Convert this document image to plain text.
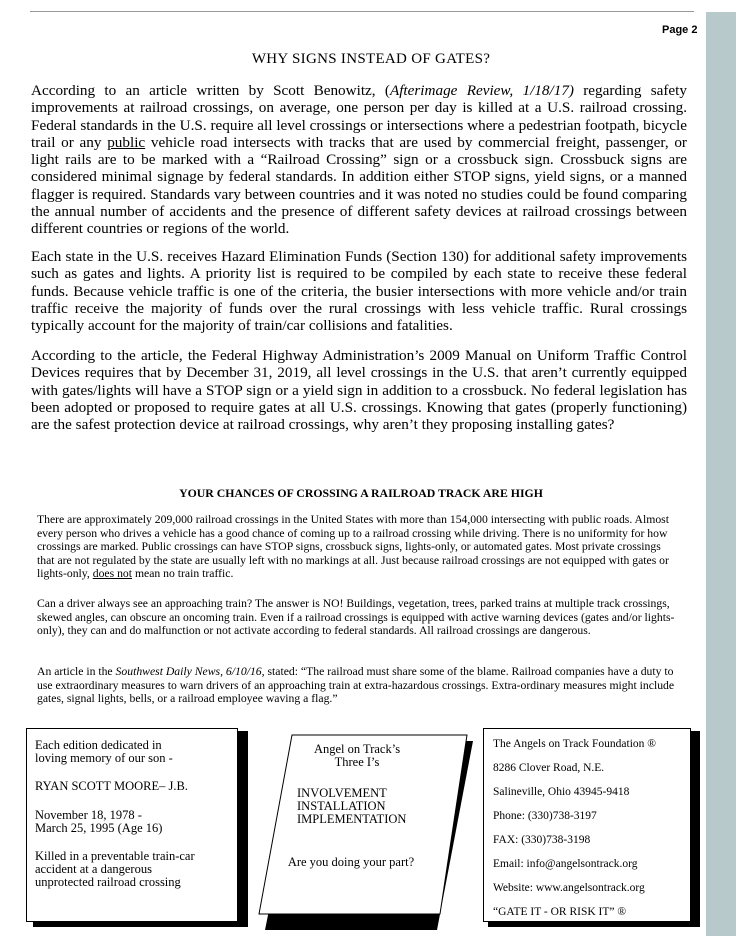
Page 2
WHY SIGNS INSTEAD OF GATES?

According to an article written by Scott Benowitz, (Afterimage Review, 1/18/17) regarding safety improvements at railroad crossings, on average, one person per day is killed at a U.S. railroad crossing. Federal standards in the U.S. require all level crossings or intersections where a pedestrian footpath, bicycle trail or any public vehicle road intersects with tracks that are used by commercial freight, passenger, or light rails are to be marked with a “Railroad Crossing” sign or a crossbuck sign. Crossbuck signs are considered minimal signage by federal standards. In addition either STOP signs, yield signs, or a manned flagger is required. Standards vary between countries and it was noted no studies could be found comparing the annual number of accidents and the presence of different safety devices at railroad crossings between different countries or regions of the world.

Each state in the U.S. receives Hazard Elimination Funds (Section 130) for additional safety improvements such as gates and lights. A priority list is required to be compiled by each state to receive these federal funds. Because vehicle traffic is one of the criteria, the busier intersections with more vehicle and/or train traffic receive the majority of funds over the rural crossings with less vehicle traffic. Rural crossings typically account for the majority of train/car collisions and fatalities.

According to the article, the Federal Highway Administration’s 2009 Manual on Uniform Traffic Control Devices requires that by December 31, 2019, all level crossings in the U.S. that aren’t currently equipped with gates/lights will have a STOP sign or a yield sign in addition to a crossbuck. No federal legislation has been adopted or proposed to require gates at all U.S. crossings. Knowing that gates (properly functioning) are the safest protection device at railroad crossings, why aren’t they proposing installing gates?

YOUR CHANCES OF CROSSING A RAILROAD TRACK ARE HIGH

There are approximately 209,000 railroad crossings in the United States with more than 154,000 intersecting with public roads. Almost every person who drives a vehicle has a good chance of coming up to a railroad crossing while driving. There is no uniformity for how crossings are marked. Public crossings can have STOP signs, crossbuck signs, lights-only, or automated gates. Most private crossings that are not regulated by the state are usually left with no markings at all. Just because railroad crossings are not equipped with gates or lights-only, does not mean no train traffic.

Can a driver always see an approaching train? The answer is NO! Buildings, vegetation, trees, parked trains at multiple track crossings, skewed angles, can obscure an oncoming train. Even if a railroad crossings is equipped with active warning devices (gates and/or lights-only), they can and do malfunction or not activate according to federal standards. All railroad crossings are dangerous.

An article in the Southwest Daily News, 6/10/16, stated: “The railroad must share some of the blame. Railroad companies have a duty to use extraordinary measures to warn drivers of an approaching train at extra-hazardous crossings. Extra-ordinary measures might include gates, signal lights, bells, or a railroad employee waving a flag.”

Each edition dedicated in
loving memory of our son -
RYAN SCOTT MOORE– J.B.
November 18, 1978 -
March 25, 1995 (Age 16)
Killed in a preventable train-car
accident at a dangerous
unprotected railroad crossing
Angel on Track’s
Three I’s
INVOLVEMENT
INSTALLATION
IMPLEMENTATION
Are you doing your part?
The Angels on Track Foundation ®
8286 Clover Road, N.E.
Salineville, Ohio 43945-9418
Phone: (330)738-3197
FAX: (330)738-3198
Email: info@angelsontrack.org
Website: www.angelsontrack.org
“GATE IT - OR RISK IT” ®
